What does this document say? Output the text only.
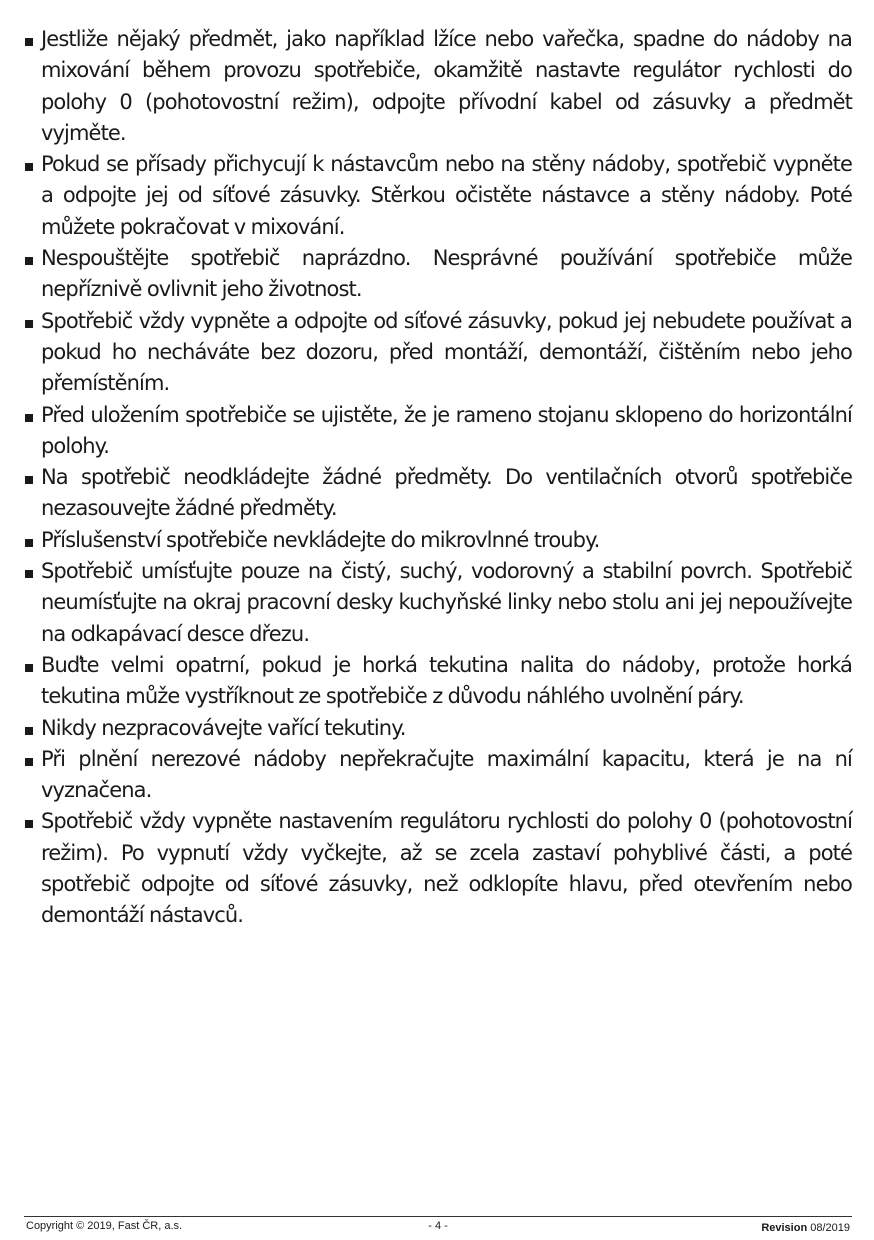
Jestliže nějaký předmět, jako například lžíce nebo vařečka, spadne do nádoby na mixování během provozu spotřebiče, okamžitě nastavte regulátor rychlosti do polohy 0 (pohotovostní režim), odpojte přívodní kabel od zásuvky a předmět vyjměte.
Pokud se přísady přichycují k nástavcům nebo na stěny nádoby, spotřebič vypněte a odpojte jej od síťové zásuvky. Stěrkou očistěte nástavce a stěny nádoby. Poté můžete pokračovat v mixování.
Nespouštějte spotřebič naprázdno. Nesprávné používání spotřebiče může nepříznivě ovlivnit jeho životnost.
Spotřebič vždy vypněte a odpojte od síťové zásuvky, pokud jej nebudete používat a pokud ho necháváte bez dozoru, před montáží, demontáží, čištěním nebo jeho přemístěním.
Před uložením spotřebiče se ujistěte, že je rameno stojanu sklopeno do horizontální polohy.
Na spotřebič neodkládejte žádné předměty. Do ventilačních otvorů spotřebiče nezasouvejte žádné předměty.
Příslušenství spotřebiče nevkládejte do mikrovlnné trouby.
Spotřebič umísťujte pouze na čistý, suchý, vodorovný a stabilní povrch. Spotřebič neumísťujte na okraj pracovní desky kuchyňské linky nebo stolu ani jej nepoužívejte na odkapávací desce dřezu.
Buďte velmi opatrní, pokud je horká tekutina nalita do nádoby, protože horká tekutina může vystříknout ze spotřebiče z důvodu náhlého uvolnění páry.
Nikdy nezpracovávejte vařící tekutiny.
Při plnění nerezové nádoby nepřekračujte maximální kapacitu, která je na ní vyznačena.
Spotřebič vždy vypněte nastavením regulátoru rychlosti do polohy 0 (pohotovostní režim). Po vypnutí vždy vyčkejte, až se zcela zastaví pohyblivé části, a poté spotřebič odpojte od síťové zásuvky, než odklopíte hlavu, před otevřením nebo demontáží nástavců.
Copyright © 2019, Fast ČR, a.s.	- 4 -	Revision 08/2019
